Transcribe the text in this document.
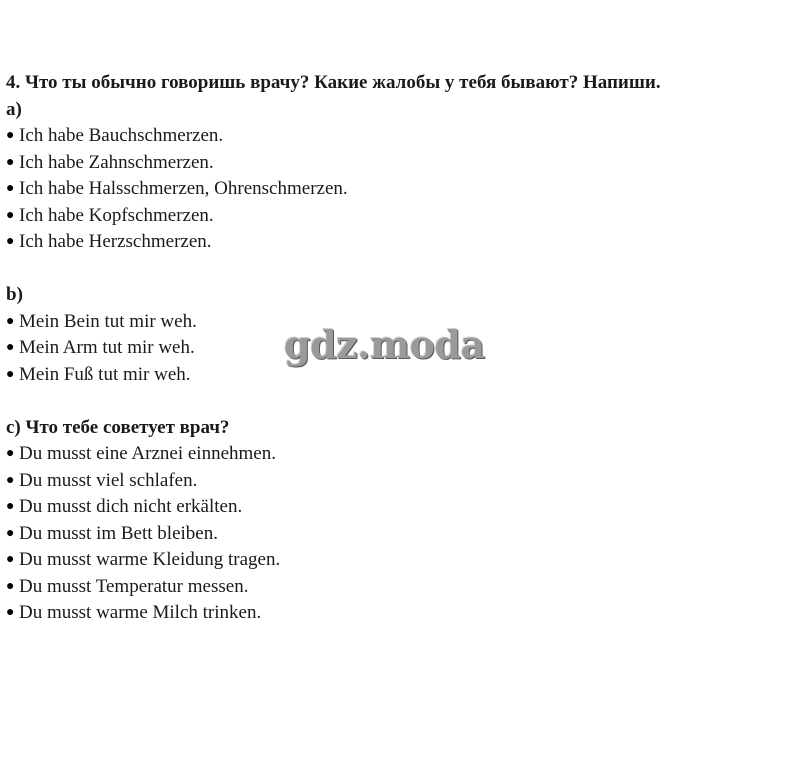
4. Что ты обычно говоришь врачу? Какие жалобы у тебя бывают? Напиши.
a)
● Ich habe Bauchschmerzen.
● Ich habe Zahnschmerzen.
● Ich habe Halsschmerzen, Ohrenschmerzen.
● Ich habe Kopfschmerzen.
● Ich habe Herzschmerzen.
b)
● Mein Bein tut mir weh.
● Mein Arm tut mir weh.
● Mein Fuß tut mir weh.
c) Что тебе советует врач?
● Du musst eine Arznei einnehmen.
● Du musst viel schlafen.
● Du musst dich nicht erkälten.
● Du musst im Bett bleiben.
● Du musst warme Kleidung tragen.
● Du musst Temperatur messen.
● Du musst warme Milch trinken.
gdz.moda
